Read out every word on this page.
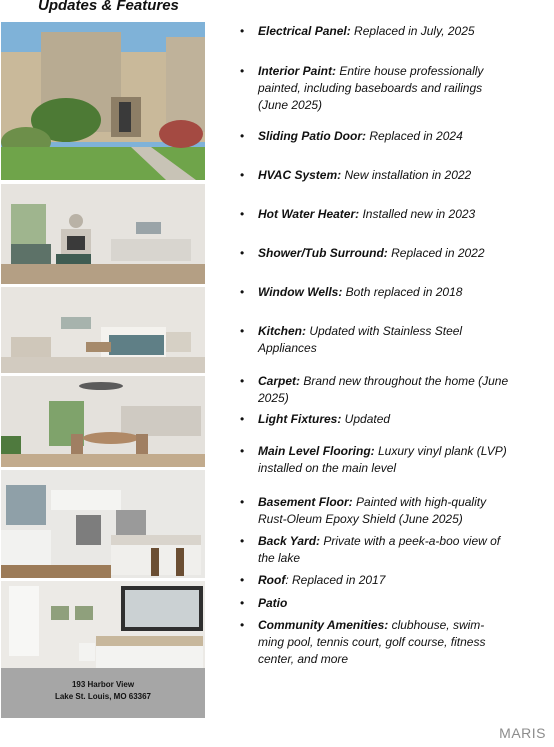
Updates & Features
193 Harbor View
Lake St. Louis, MO 63367
• Electrical Panel: Replaced in July, 2025
• Interior Paint: Entire house professionally painted, including baseboards and railings (June 2025)
• Sliding Patio Door: Replaced in 2024
• HVAC System: New installation in 2022
• Hot Water Heater: Installed new in 2023
• Shower/Tub Surround: Replaced in 2022
• Window Wells: Both replaced in 2018
• Kitchen: Updated with Stainless Steel Appliances
• Carpet: Brand new throughout the home (June 2025)
• Light Fixtures: Updated
• Main Level Flooring: Luxury vinyl plank (LVP) installed on the main level
• Basement Floor: Painted with high-quality Rust-Oleum Epoxy Shield (June 2025)
• Back Yard: Private with a peek-a-boo view of the lake
• Roof: Replaced in 2017
• Patio
• Community Amenities: clubhouse, swim-ming pool, tennis court, golf course, fitness center, and more
MARIS
